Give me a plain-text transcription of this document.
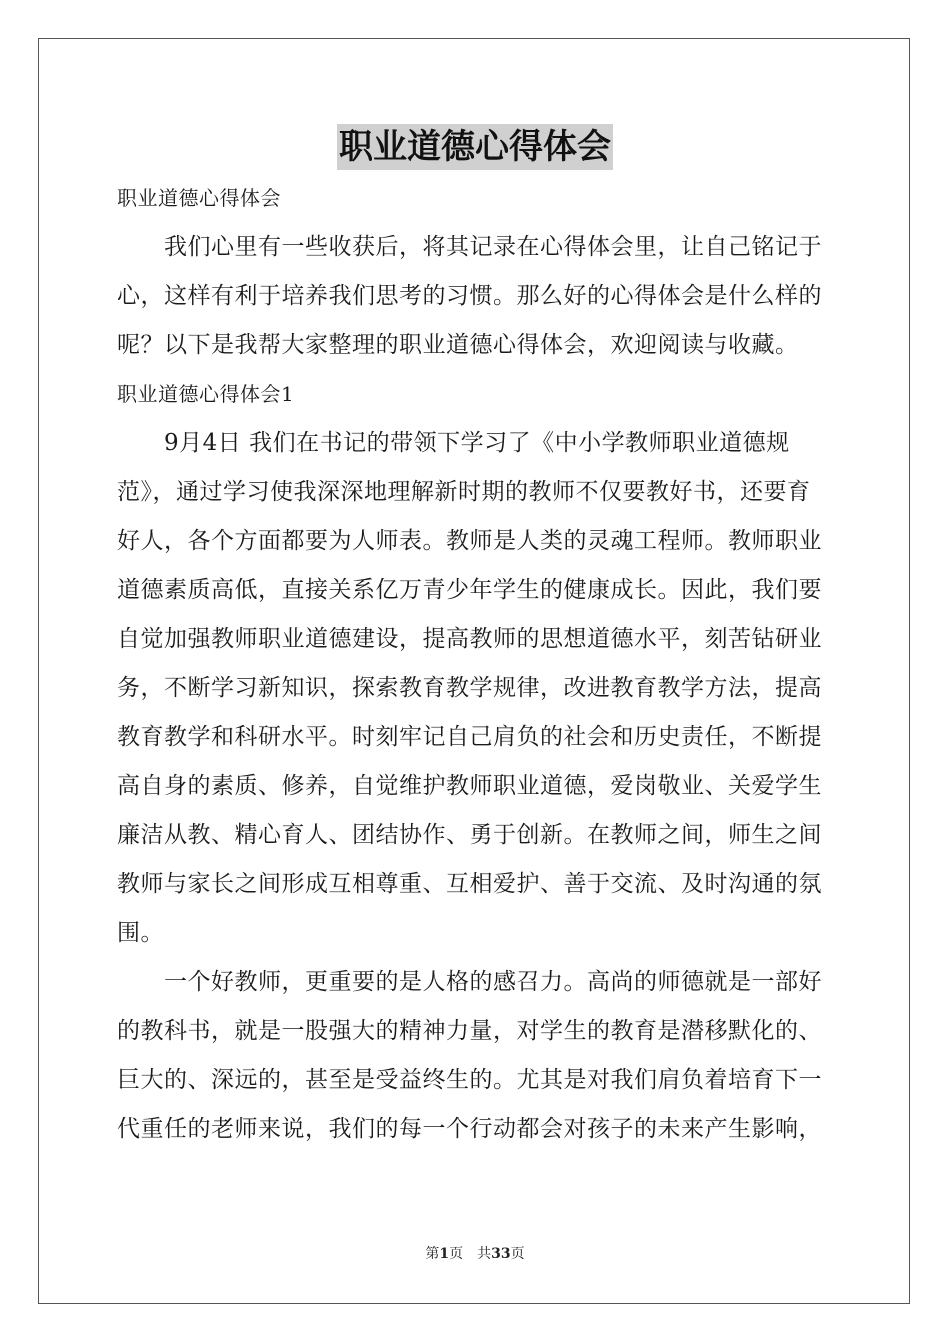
职业道德心得体会
职业道德心得体会
我们心里有一些收获后，将其记录在心得体会里，让自己铭记于
心，这样有利于培养我们思考的习惯。那么好的心得体会是什么样的
呢？以下是我帮大家整理的职业道德心得体会，欢迎阅读与收藏。
职业道德心得体会1
9月4日 我们在书记的带领下学习了《中小学教师职业道德规
范》，通过学习使我深深地理解新时期的教师不仅要教好书，还要育
好人，各个方面都要为人师表。教师是人类的灵魂工程师。教师职业
道德素质高低，直接关系亿万青少年学生的健康成长。因此，我们要
自觉加强教师职业道德建设，提高教师的思想道德水平，刻苦钻研业
务，不断学习新知识，探索教育教学规律，改进教育教学方法，提高
教育教学和科研水平。时刻牢记自己肩负的社会和历史责任，不断提
高自身的素质、修养，自觉维护教师职业道德，爱岗敬业、关爱学生
廉洁从教、精心育人、团结协作、勇于创新。在教师之间，师生之间
教师与家长之间形成互相尊重、互相爱护、善于交流、及时沟通的氛
围。
一个好教师，更重要的是人格的感召力。高尚的师德就是一部好
的教科书，就是一股强大的精神力量，对学生的教育是潜移默化的、
巨大的、深远的，甚至是受益终生的。尤其是对我们肩负着培育下一
代重任的老师来说，我们的每一个行动都会对孩子的未来产生影响，
第1页　共33页
